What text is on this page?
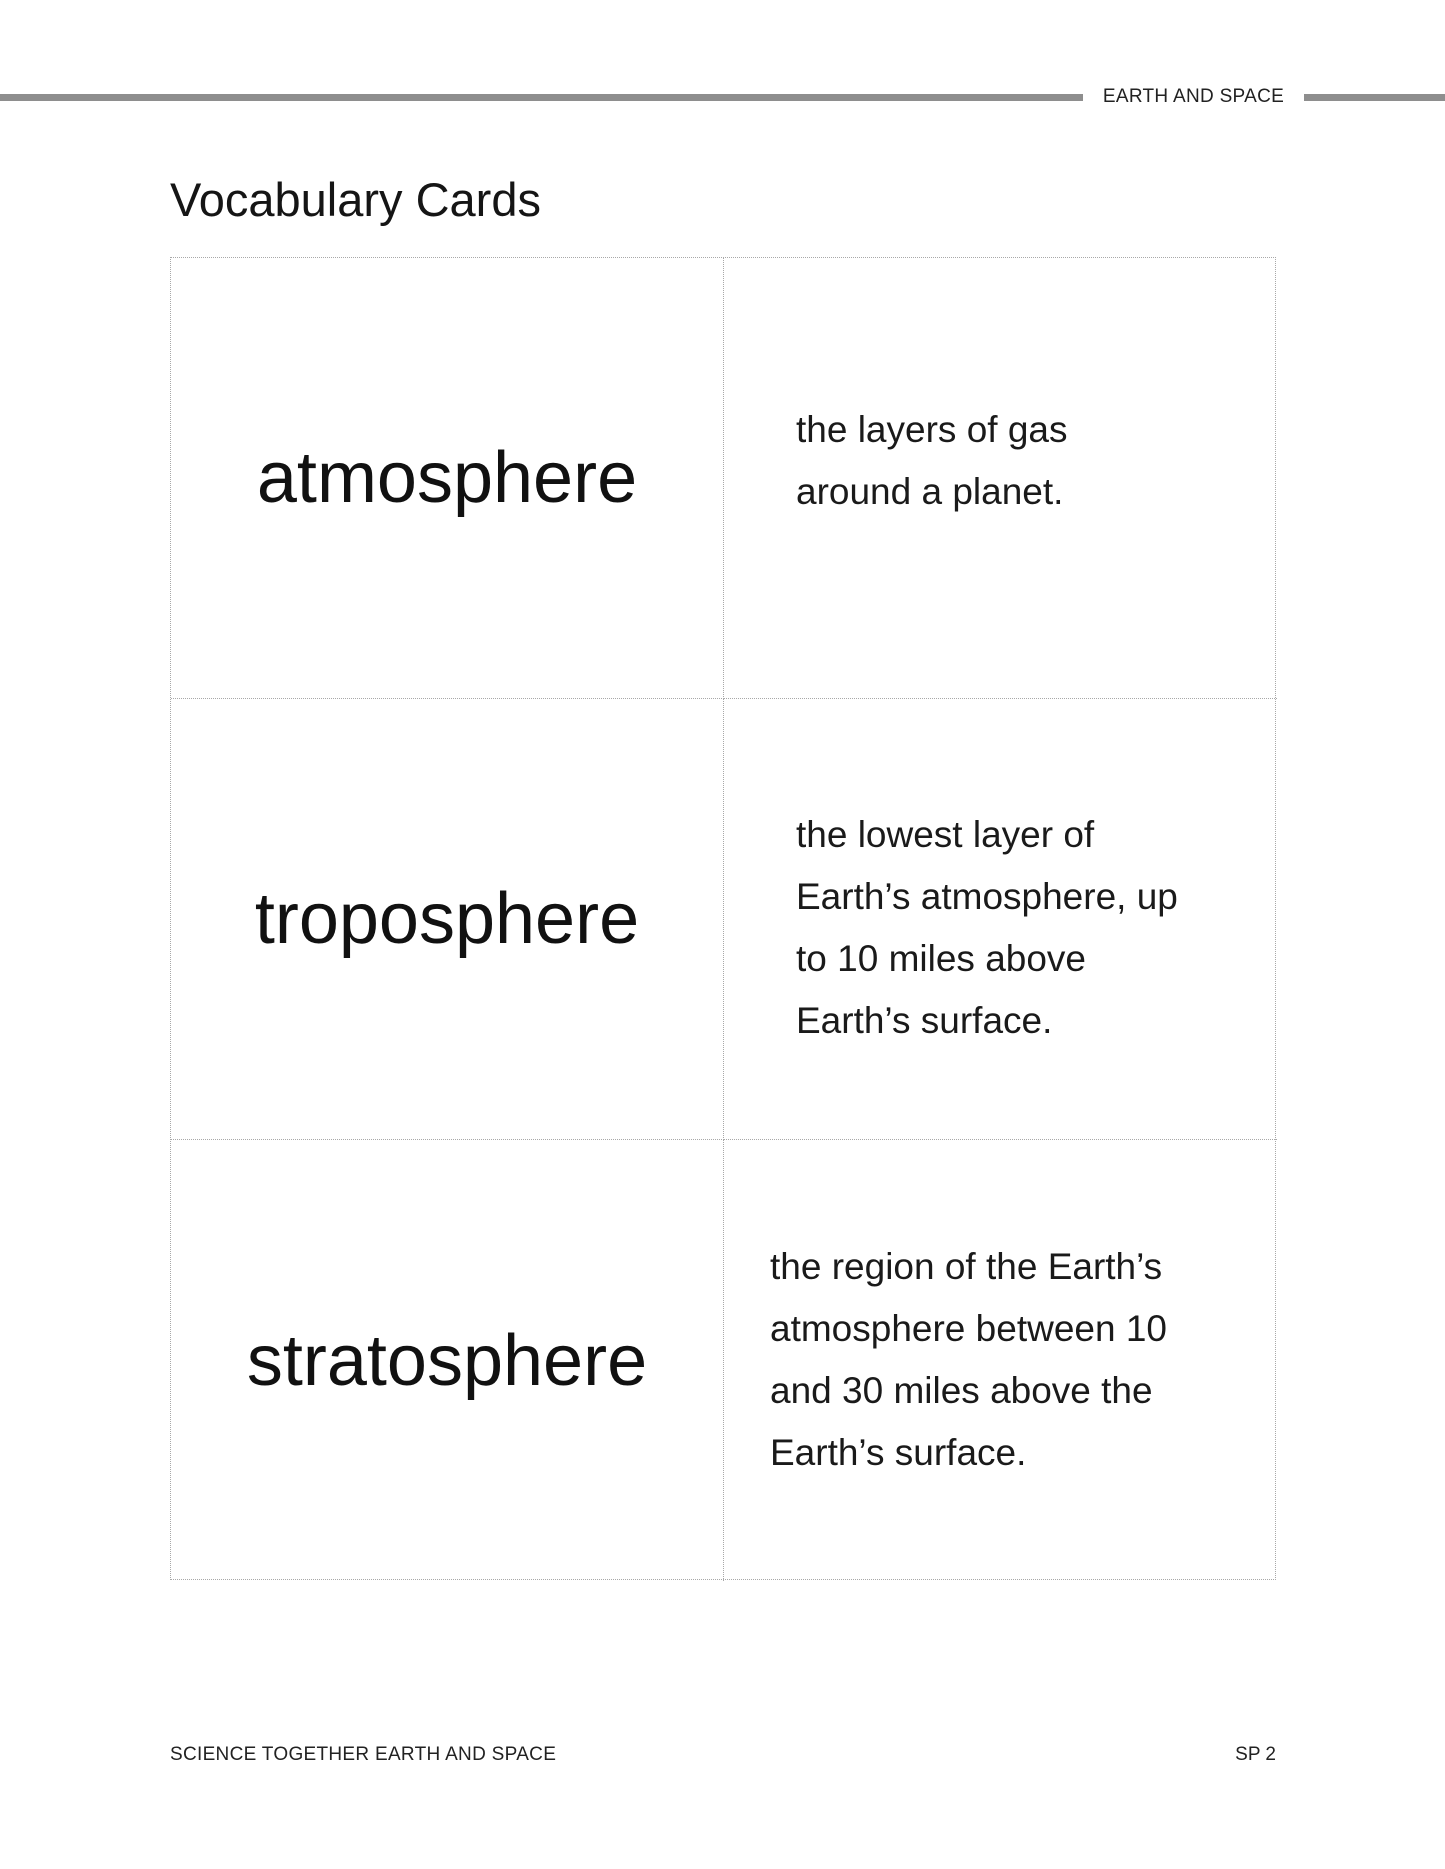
EARTH AND SPACE
Vocabulary Cards
atmosphere
the layers of gas
around a planet.
troposphere
the lowest layer of
Earth’s atmosphere, up
to 10 miles above
Earth’s surface.
stratosphere
the region of the Earth’s
atmosphere between 10
and 30 miles above the
Earth’s surface.
SCIENCE TOGETHER EARTH AND SPACE	SP 2
